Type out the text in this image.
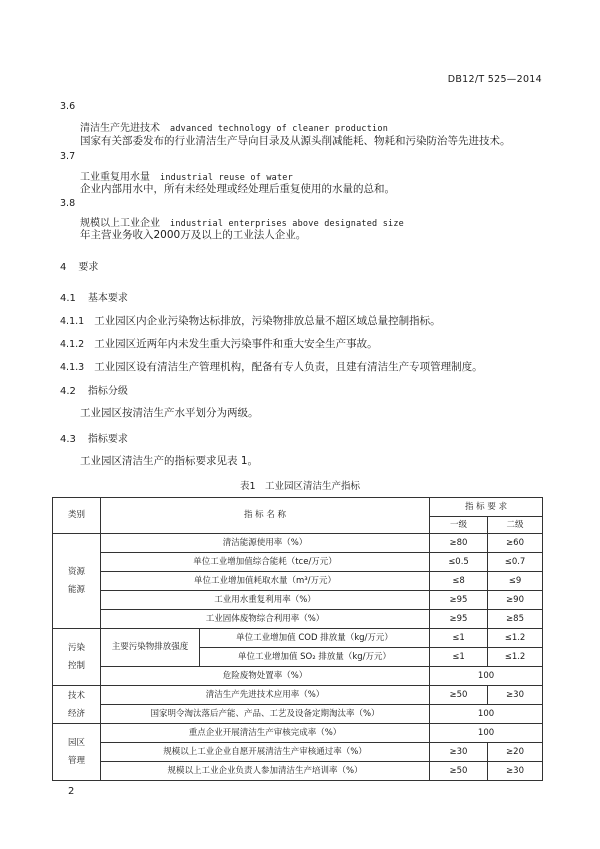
DB12/T 525—2014
3.6
清洁生产先进技术 advanced technology of cleaner production
国家有关部委发布的行业清洁生产导向目录及从源头削减能耗、物耗和污染防治等先进技术。
3.7
工业重复用水量 industrial reuse of water
企业内部用水中，所有未经处理或经处理后重复使用的水量的总和。
3.8
规模以上工业企业 industrial enterprises above designated size
年主营业务收入2000万及以上的工业法人企业。
4 要求
4.1 基本要求
4.1.1 工业园区内企业污染物达标排放，污染物排放总量不超区域总量控制指标。
4.1.2 工业园区近两年内未发生重大污染事件和重大安全生产事故。
4.1.3 工业园区设有清洁生产管理机构，配备有专人负责，且建有清洁生产专项管理制度。
4.2 指标分级
工业园区按清洁生产水平划分为两级。
4.3 指标要求
工业园区清洁生产的指标要求见表 1。
表1　工业园区清洁生产指标
类别	指 标 名 称		指 标 要 求	
			一级	二级
资源
能源	清洁能源使用率（%）		≥80	≥60
	单位工业增加值综合能耗（tce/万元）		≤0.5	≤0.7
	单位工业增加值耗取水量（m³/万元）		≤8	≤9
	工业用水重复利用率（%）		≥95	≥90
	工业固体废物综合利用率（%）		≥95	≥85
污染
控制	主要污染物排放强度	单位工业增加值 COD 排放量（kg/万元）	≤1	≤1.2
		单位工业增加值 SO₂ 排放量（kg/万元）	≤1	≤1.2
	危险废物处置率（%）		100	
技术
经济	清洁生产先进技术应用率（%）		≥50	≥30
	国家明令淘汰落后产能、产品、工艺及设备定期淘汰率（%）		100	
园区
管理	重点企业开展清洁生产审核完成率（%）		100	
	规模以上工业企业自愿开展清洁生产审核通过率（%）		≥30	≥20
	规模以上工业企业负责人参加清洁生产培训率（%）		≥50	≥30
2
